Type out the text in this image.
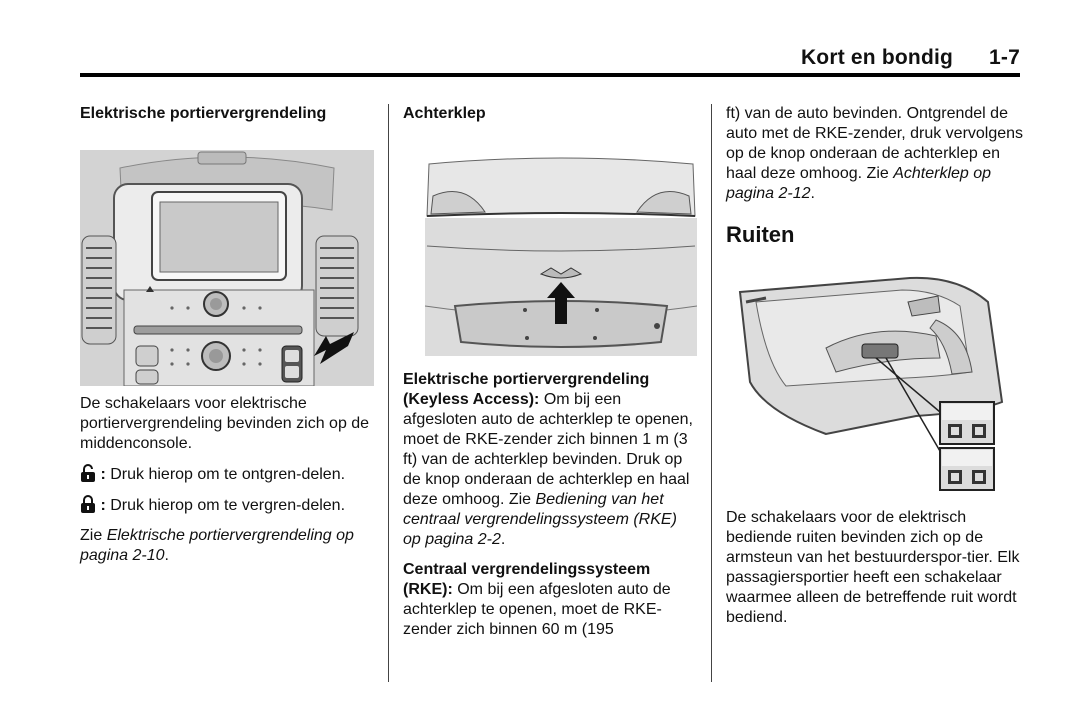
Kort en bondig 1-7
Elektrische portiervergrendeling

De schakelaars voor elektrische portiervergrendeling bevinden zich op de middenconsole.

: Druk hierop om te ontgren-delen.

: Druk hierop om te vergren-delen.

Zie Elektrische portiervergrendeling op pagina 2-10.

Achterklep

Elektrische portiervergrendeling (Keyless Access): Om bij een afgesloten auto de achterklep te openen, moet de RKE-zender zich binnen 1 m (3 ft) van de achterklep bevinden. Druk op de knop onderaan de achterklep en haal deze omhoog. Zie Bediening van het centraal vergrendelingssysteem (RKE) op pagina 2-2.

Centraal vergrendelingssysteem (RKE): Om bij een afgesloten auto de achterklep te openen, moet de RKE-zender zich binnen 60 m (195

ft) van de auto bevinden. Ontgrendel de auto met de RKE-zender, druk vervolgens op de knop onderaan de achterklep en haal deze omhoog. Zie Achterklep op pagina 2-12.

Ruiten

De schakelaars voor de elektrisch bediende ruiten bevinden zich op de armsteun van het bestuurderspor-tier. Elk passagiersportier heeft een schakelaar waarmee alleen de betreffende ruit wordt bediend.
